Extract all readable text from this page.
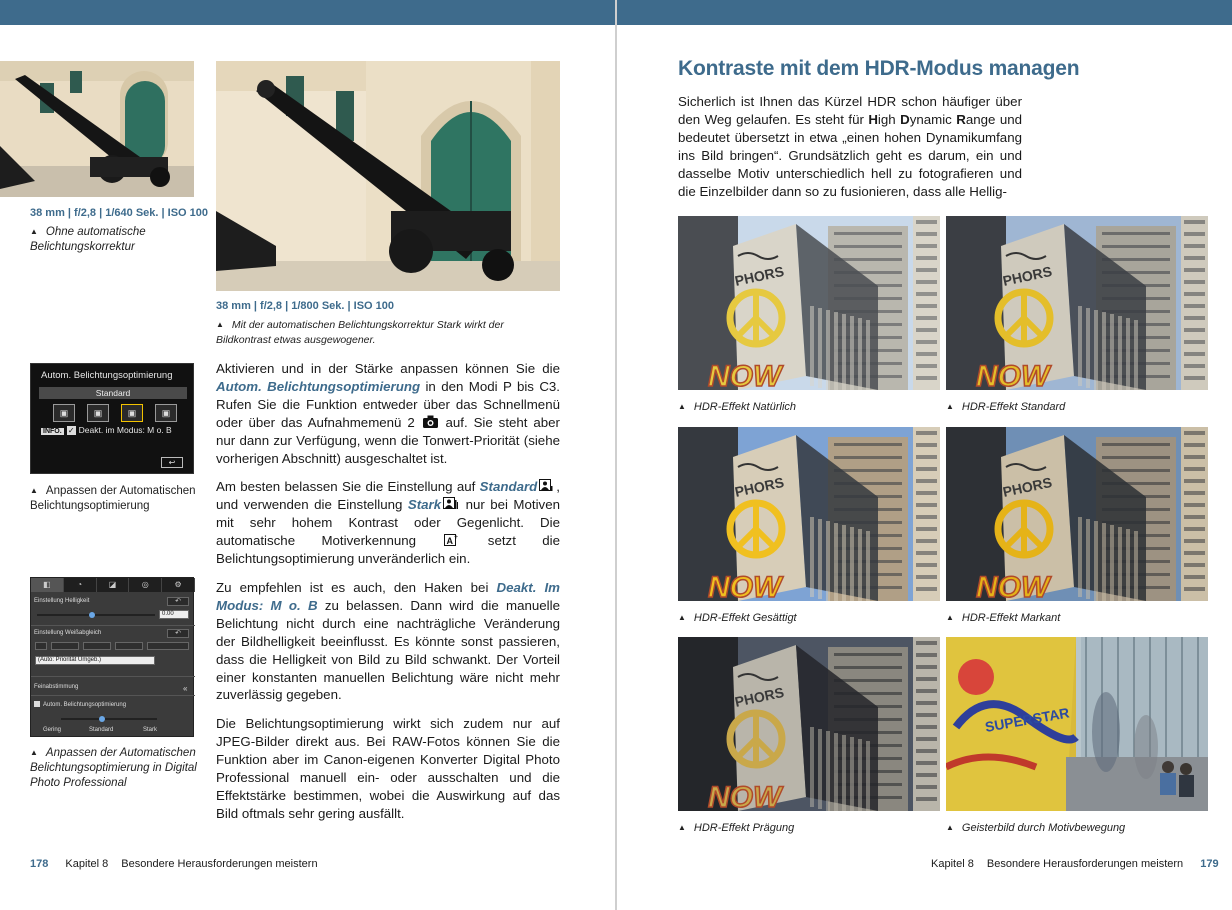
38 mm | f/2,8 | 1/640 Sek. | ISO 100
▲ Ohne automatische Belichtungskorrektur
38 mm | f/2,8 | 1/800 Sek. | ISO 100
▲ Mit der automatischen Belichtungskorrektur Stark wirkt der Bildkontrast etwas ausgewogener.
Autom. Belichtungsoptimierung
Standard
▣	▣	▣	▣
INFO. ✓ Deakt. im Modus: M o. B
↩
▲ Anpassen der Automatischen Belichtungsoptimierung
◧	◔	◪	◎	⚙
Einstellung Helligkeit	↶
0.00
Einstellung Weißabgleich	↶
(Auto: Priorität Umgeb.)
Feinabstimmung	«
Autom. Belichtungsoptimierung
Gering	Standard	Stark
▲ Anpassen der Automatischen Belichtungsoptimierung in Digital Photo Professional

Aktivieren und in der Stärke anpassen können Sie die Autom. Belichtungsoptimierung in den Modi P bis C3. Rufen Sie die Funktion entweder über das Schnellmenü oder über das Aufnahmemenü 2  auf. Sie steht aber nur dann zur Verfügung, wenn die Tonwert-Priorität (siehe vorherigen Abschnitt) ausgeschaltet ist.

Am besten belassen Sie die Einstellung auf Standard , und verwenden die Einstellung Stark nur bei Motiven mit sehr hohem Kontrast oder Gegenlicht. Die automatische Motiverkennung A + setzt die Belichtungsoptimierung unveränderlich ein.

Zu empfehlen ist es auch, den Haken bei Deakt. Im Modus: M o. B zu belassen. Dann wird die manuelle Belichtung nicht durch eine nachträgliche Veränderung der Bildhelligkeit beeinflusst. Es könnte sonst passieren, dass die Helligkeit von Bild zu Bild schwankt. Der Vorteil einer konstanten manuellen Belichtung wäre nicht mehr zuverlässig gegeben.

Die Belichtungsoptimierung wirkt sich zudem nur auf JPEG-Bilder direkt aus. Bei RAW-Fotos können Sie die Funktion aber im Canon-eigenen Konverter Digital Photo Professional manuell ein- oder ausschalten und die Effektstärke bestimmen, wobei die Auswirkung auf das Bild oftmals sehr gering ausfällt.

178 Kapitel 8 Besondere Herausforderungen meistern
Kontraste mit dem HDR-Modus managen

Sicherlich ist Ihnen das Kürzel HDR schon häufiger über den Weg gelaufen. Es steht für High Dynamic Range und bedeutet übersetzt in etwa „einen hohen Dynamikumfang ins Bild bringen“. Grundsätzlich geht es darum, ein und dasselbe Motiv unterschiedlich hell zu fotografieren und die Einzelbilder dann so zu fusionieren, dass alle Hellig-

PHORS
NOW
▲ HDR-Effekt Natürlich
PHORS
NOW
▲ HDR-Effekt Standard
PHORS
NOW
▲ HDR-Effekt Gesättigt
PHORS
NOW
▲ HDR-Effekt Markant
PHORS
NOW
▲ HDR-Effekt Prägung
SUPERSTAR
▲ Geisterbild durch Motivbewegung
Kapitel 8 Besondere Herausforderungen meistern 179
